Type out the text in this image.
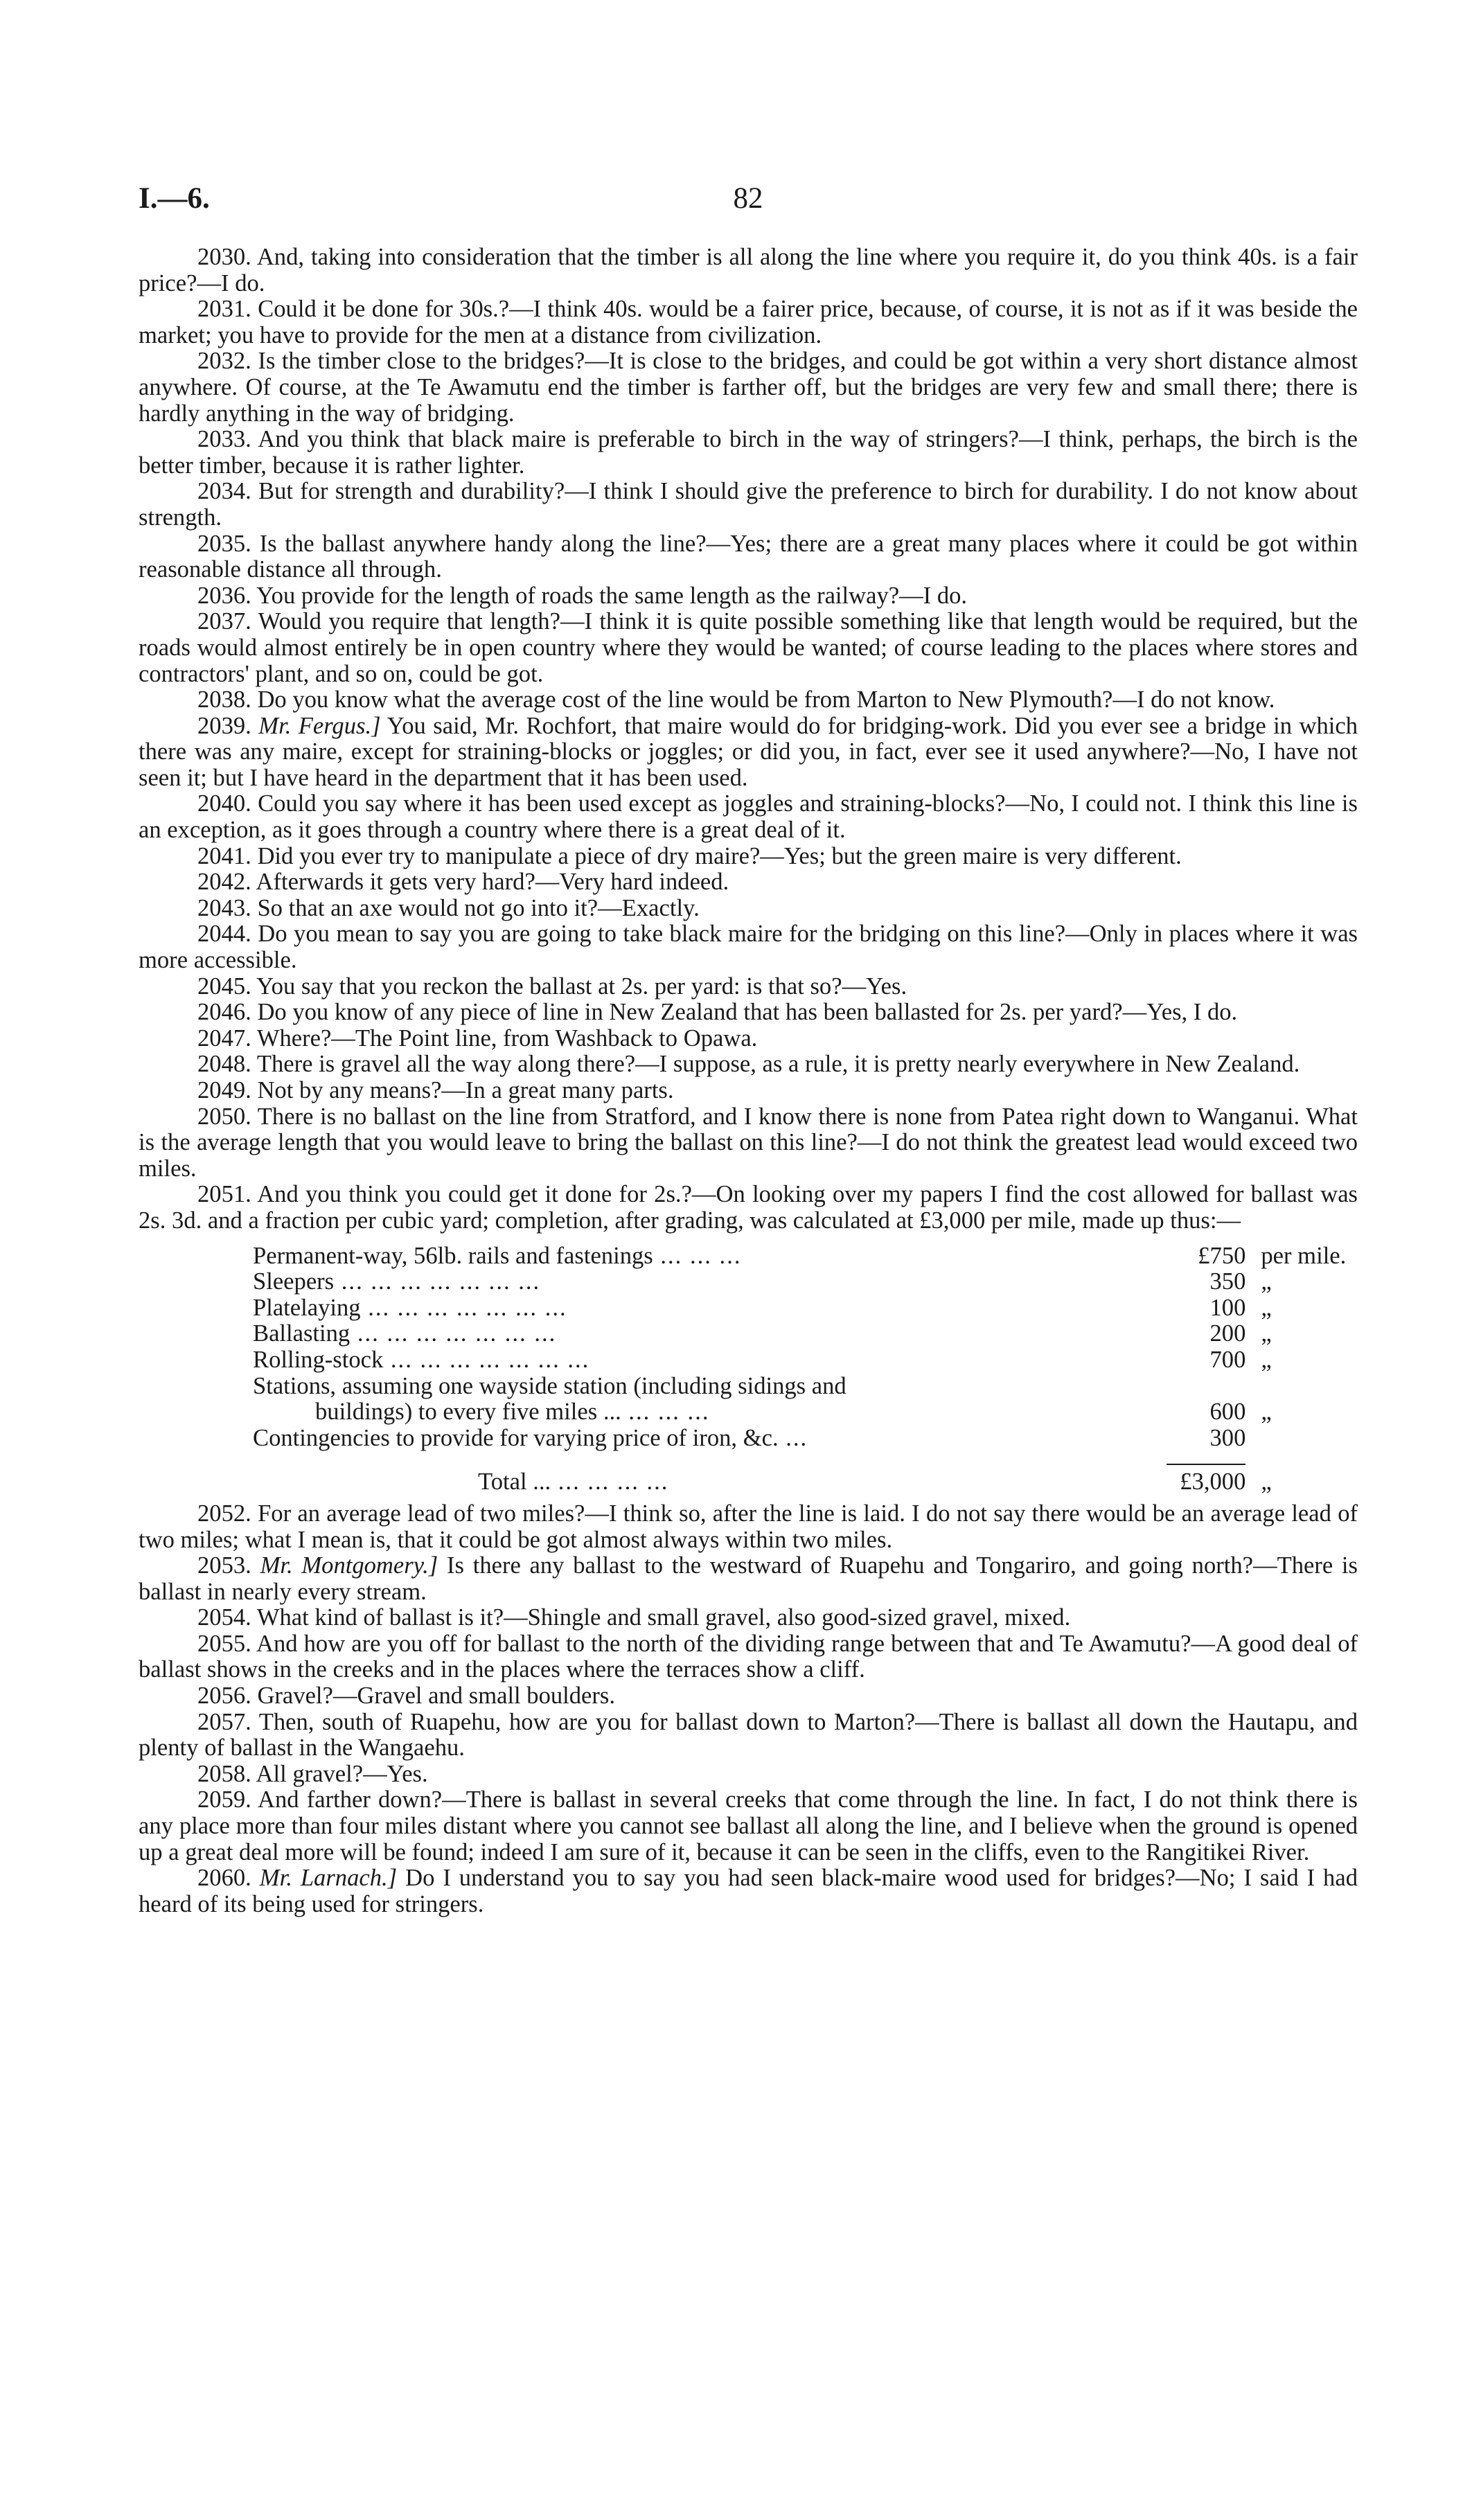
I.—6.	82

2030. And, taking into consideration that the timber is all along the line where you require it, do you think 40s. is a fair price?—I do.

2031. Could it be done for 30s.?—I think 40s. would be a fairer price, because, of course, it is not as if it was beside the market; you have to provide for the men at a distance from civilization.

2032. Is the timber close to the bridges?—It is close to the bridges, and could be got within a very short distance almost anywhere. Of course, at the Te Awamutu end the timber is farther off, but the bridges are very few and small there; there is hardly anything in the way of bridging.

2033. And you think that black maire is preferable to birch in the way of stringers?—I think, perhaps, the birch is the better timber, because it is rather lighter.

2034. But for strength and durability?—I think I should give the preference to birch for durability. I do not know about strength.

2035. Is the ballast anywhere handy along the line?—Yes; there are a great many places where it could be got within reasonable distance all through.

2036. You provide for the length of roads the same length as the railway?—I do.

2037. Would you require that length?—I think it is quite possible something like that length would be required, but the roads would almost entirely be in open country where they would be wanted; of course leading to the places where stores and contractors' plant, and so on, could be got.

2038. Do you know what the average cost of the line would be from Marton to New Plymouth?—I do not know.

2039. Mr. Fergus.] You said, Mr. Rochfort, that maire would do for bridging-work. Did you ever see a bridge in which there was any maire, except for straining-blocks or joggles; or did you, in fact, ever see it used anywhere?—No, I have not seen it; but I have heard in the department that it has been used.

2040. Could you say where it has been used except as joggles and straining-blocks?—No, I could not. I think this line is an exception, as it goes through a country where there is a great deal of it.

2041. Did you ever try to manipulate a piece of dry maire?—Yes; but the green maire is very different.

2042. Afterwards it gets very hard?—Very hard indeed.

2043. So that an axe would not go into it?—Exactly.

2044. Do you mean to say you are going to take black maire for the bridging on this line?—Only in places where it was more accessible.

2045. You say that you reckon the ballast at 2s. per yard: is that so?—Yes.

2046. Do you know of any piece of line in New Zealand that has been ballasted for 2s. per yard?—Yes, I do.

2047. Where?—The Point line, from Washback to Opawa.

2048. There is gravel all the way along there?—I suppose, as a rule, it is pretty nearly everywhere in New Zealand.

2049. Not by any means?—In a great many parts.

2050. There is no ballast on the line from Stratford, and I know there is none from Patea right down to Wanganui. What is the average length that you would leave to bring the ballast on this line?—I do not think the greatest lead would exceed two miles.

2051. And you think you could get it done for 2s.?—On looking over my papers I find the cost allowed for ballast was 2s. 3d. and a fraction per cubic yard; completion, after grading, was calculated at £3,000 per mile, made up thus:—

Permanent-way, 56lb. rails and fastenings ... ... ...	£750	per mile.
Sleepers ... ... ... ... ... ... ...	350	„
Platelaying ... ... ... ... ... ... ...	100	„
Ballasting ... ... ... ... ... ... ...	200	„
Rolling-stock ... ... ... ... ... ... ...	700	„
Stations, assuming one wayside station (including sidings and		
buildings) to every five miles ... ... ... ...	600	„
Contingencies to provide for varying price of iron, &c. ...	300	

Total ... ... ... ... ...	£3,000	„

2052. For an average lead of two miles?—I think so, after the line is laid. I do not say there would be an average lead of two miles; what I mean is, that it could be got almost always within two miles.

2053. Mr. Montgomery.] Is there any ballast to the westward of Ruapehu and Tongariro, and going north?—There is ballast in nearly every stream.

2054. What kind of ballast is it?—Shingle and small gravel, also good-sized gravel, mixed.

2055. And how are you off for ballast to the north of the dividing range between that and Te Awamutu?—A good deal of ballast shows in the creeks and in the places where the terraces show a cliff.

2056. Gravel?—Gravel and small boulders.

2057. Then, south of Ruapehu, how are you for ballast down to Marton?—There is ballast all down the Hautapu, and plenty of ballast in the Wangaehu.

2058. All gravel?—Yes.

2059. And farther down?—There is ballast in several creeks that come through the line. In fact, I do not think there is any place more than four miles distant where you cannot see ballast all along the line, and I believe when the ground is opened up a great deal more will be found; indeed I am sure of it, because it can be seen in the cliffs, even to the Rangitikei River.

2060. Mr. Larnach.] Do I understand you to say you had seen black-maire wood used for bridges?—No; I said I had heard of its being used for stringers.
